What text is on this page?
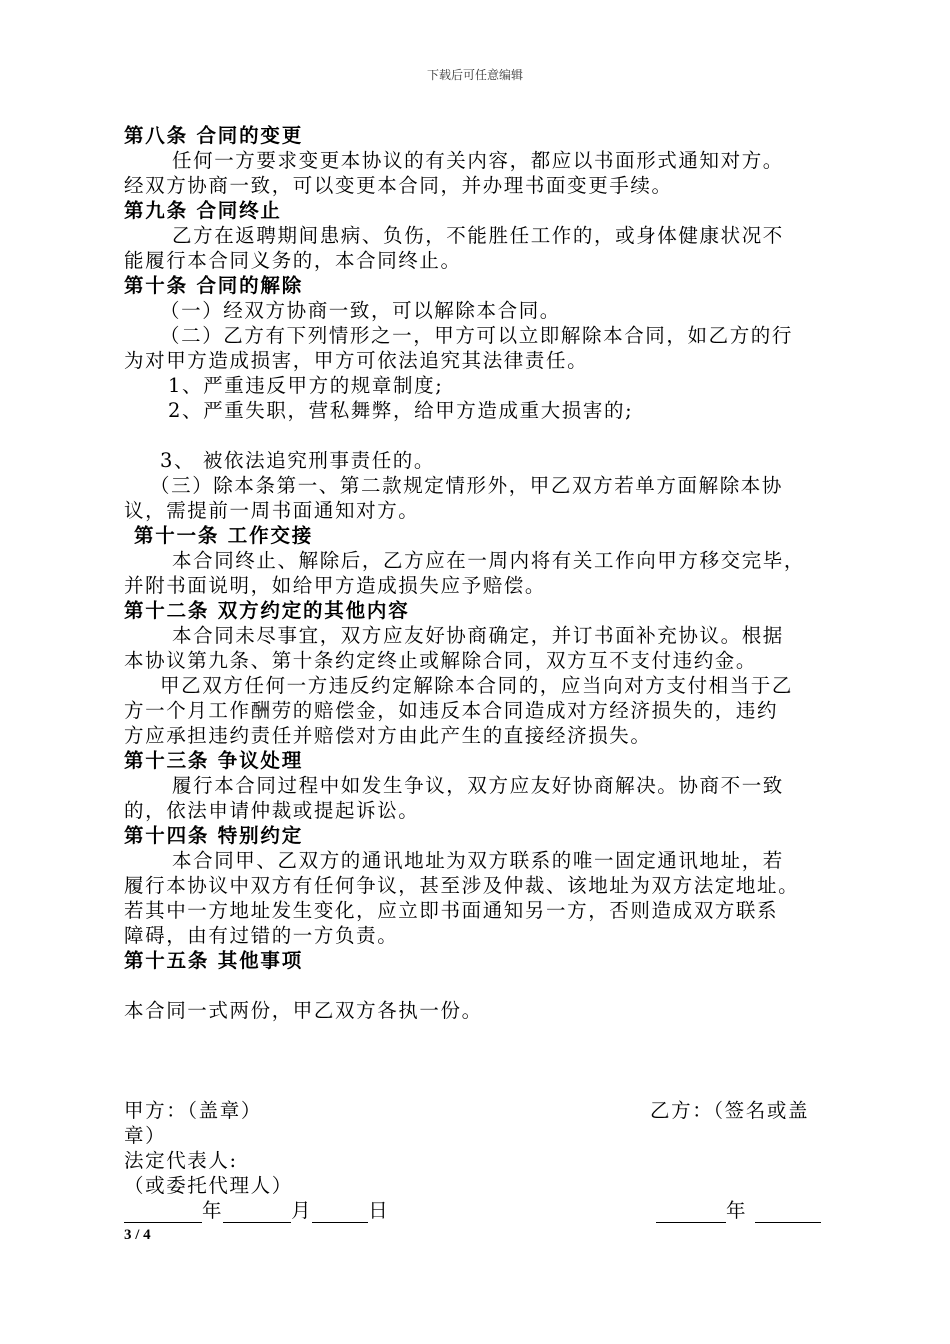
下载后可任意编辑
第八条 合同的变更
任何一方要求变更本协议的有关内容，都应以书面形式通知对方。
经双方协商一致，可以变更本合同，并办理书面变更手续。
第九条 合同终止
乙方在返聘期间患病、负伤，不能胜任工作的，或身体健康状况不
能履行本合同义务的，本合同终止。
第十条 合同的解除
（一）经双方协商一致，可以解除本合同。
（二）乙方有下列情形之一，甲方可以立即解除本合同，如乙方的行
为对甲方造成损害，甲方可依法追究其法律责任。
1、严重违反甲方的规章制度;
2、严重失职，营私舞弊，给甲方造成重大损害的;
3、 被依法追究刑事责任的。
（三）除本条第一、第二款规定情形外，甲乙双方若单方面解除本协
议，需提前一周书面通知对方。
第十一条 工作交接
本合同终止、解除后，乙方应在一周内将有关工作向甲方移交完毕，
并附书面说明，如给甲方造成损失应予赔偿。
第十二条 双方约定的其他内容
本合同未尽事宜，双方应友好协商确定，并订书面补充协议。根据
本协议第九条、第十条约定终止或解除合同，双方互不支付违约金。
甲乙双方任何一方违反约定解除本合同的，应当向对方支付相当于乙
方一个月工作酬劳的赔偿金，如违反本合同造成对方经济损失的，违约
方应承担违约责任并赔偿对方由此产生的直接经济损失。
第十三条 争议处理
履行本合同过程中如发生争议，双方应友好协商解决。协商不一致
的，依法申请仲裁或提起诉讼。
第十四条 特别约定
本合同甲、乙双方的通讯地址为双方联系的唯一固定通讯地址，若
履行本协议中双方有任何争议，甚至涉及仲裁、该地址为双方法定地址。
若其中一方地址发生变化，应立即书面通知另一方，否则造成双方联系
障碍，由有过错的一方负责。
第十五条 其他事项
本合同一式两份，甲乙双方各执一份。
甲方：（盖章）	乙方：（签名或盖
章）
法定代表人:
（或委托代理人）
年	月	日	年
3 / 4
